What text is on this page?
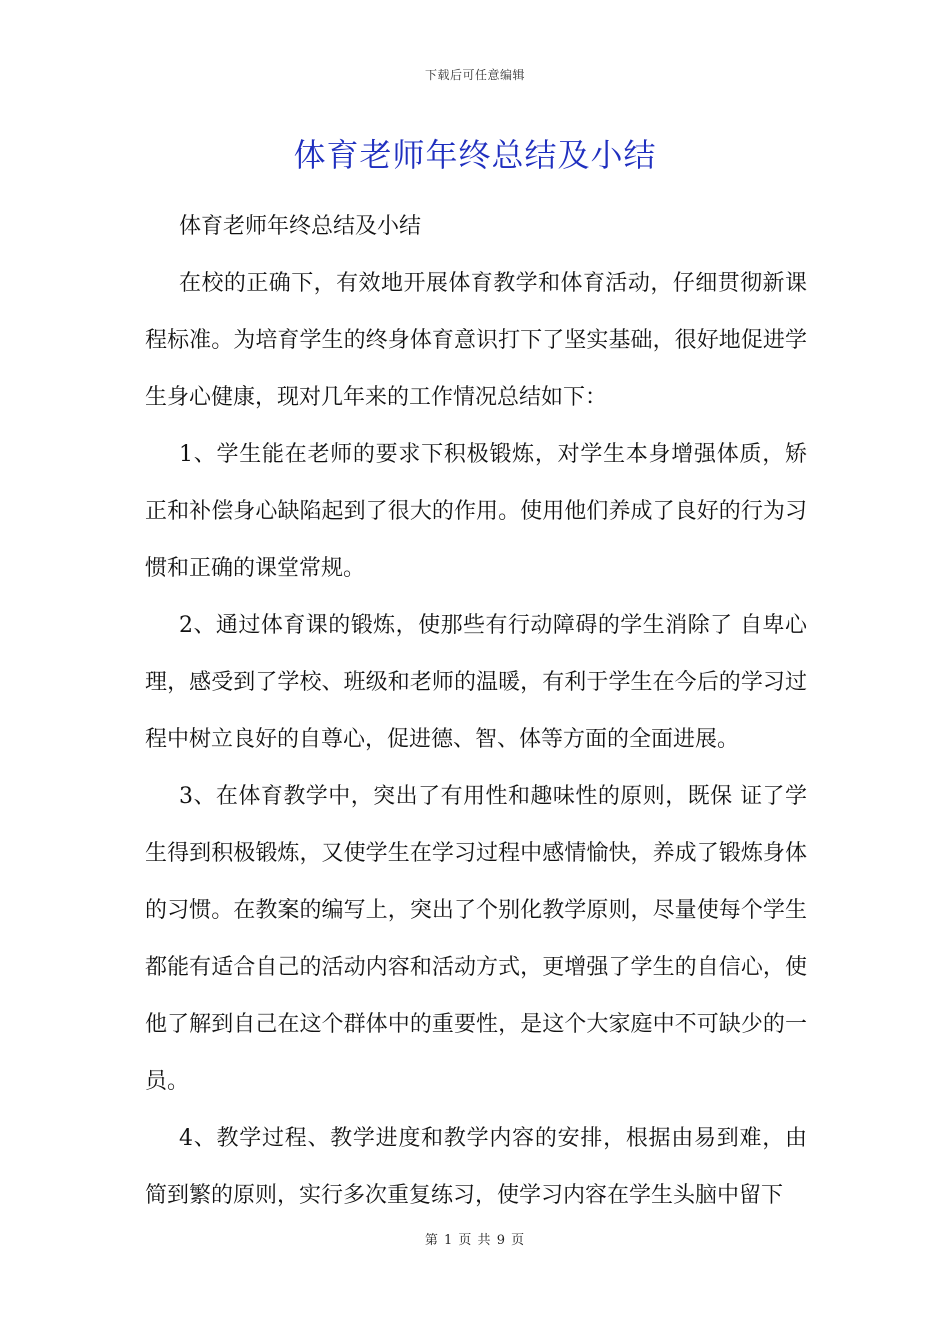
下载后可任意编辑
体育老师年终总结及小结

体育老师年终总结及小结

在校的正确下，有效地开展体育教学和体育活动，仔细贯彻新课程标准。为培育学生的终身体育意识打下了坚实基础，很好地促进学生身心健康，现对几年来的工作情况总结如下：

1、学生能在老师的要求下积极锻炼，对学生本身增强体质，矫正和补偿身心缺陷起到了很大的作用。使用他们养成了良好的行为习惯和正确的课堂常规。

2、通过体育课的锻炼，使那些有行动障碍的学生消除了 自卑心理，感受到了学校、班级和老师的温暖，有利于学生在今后的学习过程中树立良好的自尊心，促进德、智、体等方面的全面进展。

3、在体育教学中，突出了有用性和趣味性的原则，既保 证了学生得到积极锻炼，又使学生在学习过程中感情愉快，养成了锻炼身体的习惯。在教案的编写上，突出了个别化教学原则，尽量使每个学生都能有适合自己的活动内容和活动方式，更增强了学生的自信心，使他了解到自己在这个群体中的重要性，是这个大家庭中不可缺少的一员。

4、教学过程、教学进度和教学内容的安排，根据由易到难，由简到繁的原则，实行多次重复练习，使学习内容在学生头脑中留下

第 1 页 共 9 页
